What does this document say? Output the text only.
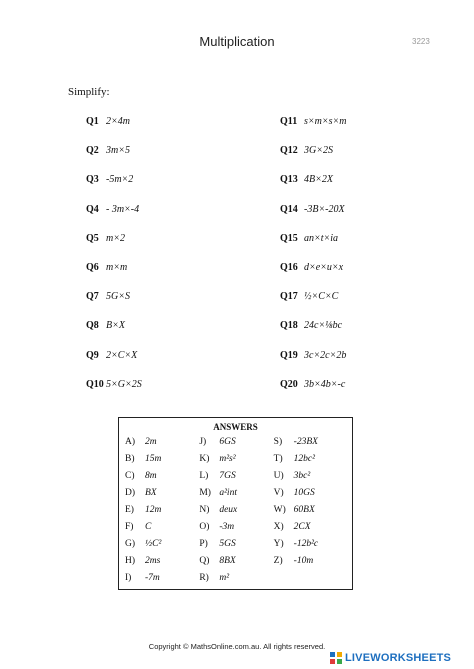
Multiplication	3223
Simplify:
Q1 2×4m
Q2 3m×5
Q3 -5m×2
Q4 - 3m×-4
Q5 m×2
Q6 m×m
Q7 5G×S
Q8 B×X
Q9 2×C×X
Q10 5×G×2S
Q11 s×m×s×m
Q12 3G×2S
Q13 4B×2X
Q14 -3B×-20X
Q15 an×t×ia
Q16 d×e×u×x
Q17 ½×C×C
Q18 24c×⅛bc
Q19 3c×2c×2b
Q20 3b×4b×-c
ANSWERS
A)	2m
B)	15m
C)	8m
D)	BX
E)	12m
F)	C
G)	½C²
H)	2ms
I)	-7m
J)	6GS
K)	m²s²
L)	7GS
M) a²int
N)	deux
O)	-3m
P)	5GS
Q)	8BX
R)	m²
S)	-23BX
T)	12bc²
U)	3bc²
V)	10GS
W) 60BX
X)	2CX
Y)	-12b²c
Z)	-10m
Copyright © MathsOnline.com.au. All rights reserved.
LIVEWORKSHEETS
